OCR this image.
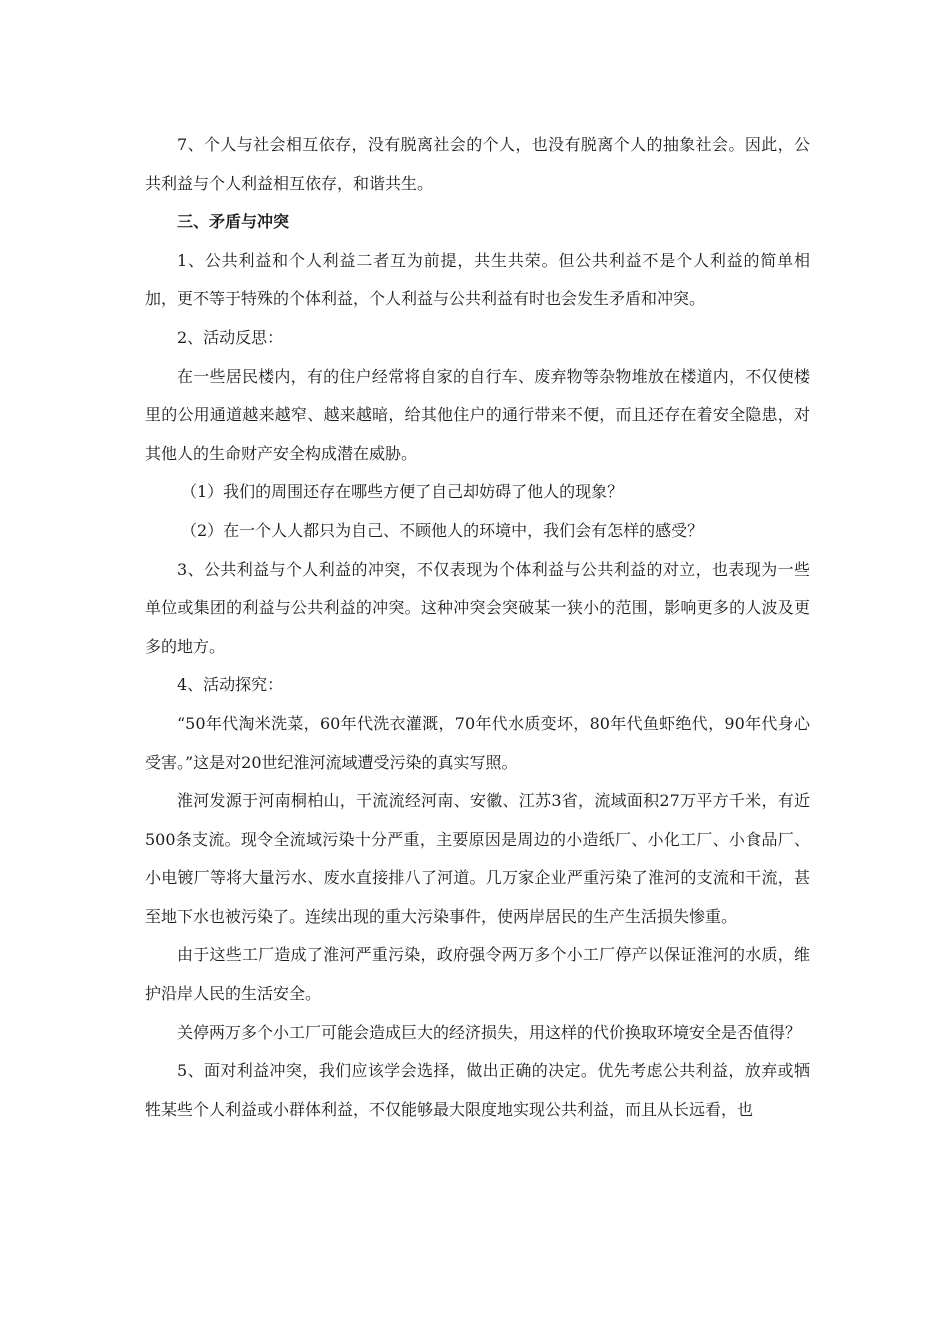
7、个人与社会相互依存，没有脱离社会的个人，也没有脱离个人的抽象社会。因此，公共利益与个人利益相互依存，和谐共生。

三、矛盾与冲突

1、公共利益和个人利益二者互为前提，共生共荣。但公共利益不是个人利益的简单相加，更不等于特殊的个体利益，个人利益与公共利益有时也会发生矛盾和冲突。

2、活动反思：

在一些居民楼内，有的住户经常将自家的自行车、废弃物等杂物堆放在楼道内，不仅使楼里的公用通道越来越窄、越来越暗，给其他住户的通行带来不便，而且还存在着安全隐患，对其他人的生命财产安全构成潜在威胁。

（1）我们的周围还存在哪些方便了自己却妨碍了他人的现象？

（2）在一个人人都只为自己、不顾他人的环境中，我们会有怎样的感受？

3、公共利益与个人利益的冲突，不仅表现为个体利益与公共利益的对立，也表现为一些单位或集团的利益与公共利益的冲突。这种冲突会突破某一狭小的范围，影响更多的人波及更多的地方。

4、活动探究：

“50年代淘米洗菜，60年代洗衣灌溉，70年代水质变坏，80年代鱼虾绝代，90年代身心受害。”这是对20世纪淮河流域遭受污染的真实写照。

淮河发源于河南桐柏山，干流流经河南、安徽、江苏3省，流域面积27万平方千米，有近500条支流。现令全流域污染十分严重，主要原因是周边的小造纸厂、小化工厂、小食品厂、小电镀厂等将大量污水、废水直接排八了河道。几万家企业严重污染了淮河的支流和干流，甚至地下水也被污染了。连续出现的重大污染事件，使两岸居民的生产生活损失惨重。

由于这些工厂造成了淮河严重污染，政府强令两万多个小工厂停产以保证淮河的水质，维护沿岸人民的生活安全。

关停两万多个小工厂可能会造成巨大的经济损失，用这样的代价换取环境安全是否值得？

5、面对利益冲突，我们应该学会选择，做出正确的决定。优先考虑公共利益，放弃或牺牲某些个人利益或小群体利益，不仅能够最大限度地实现公共利益，而且从长远看，也
